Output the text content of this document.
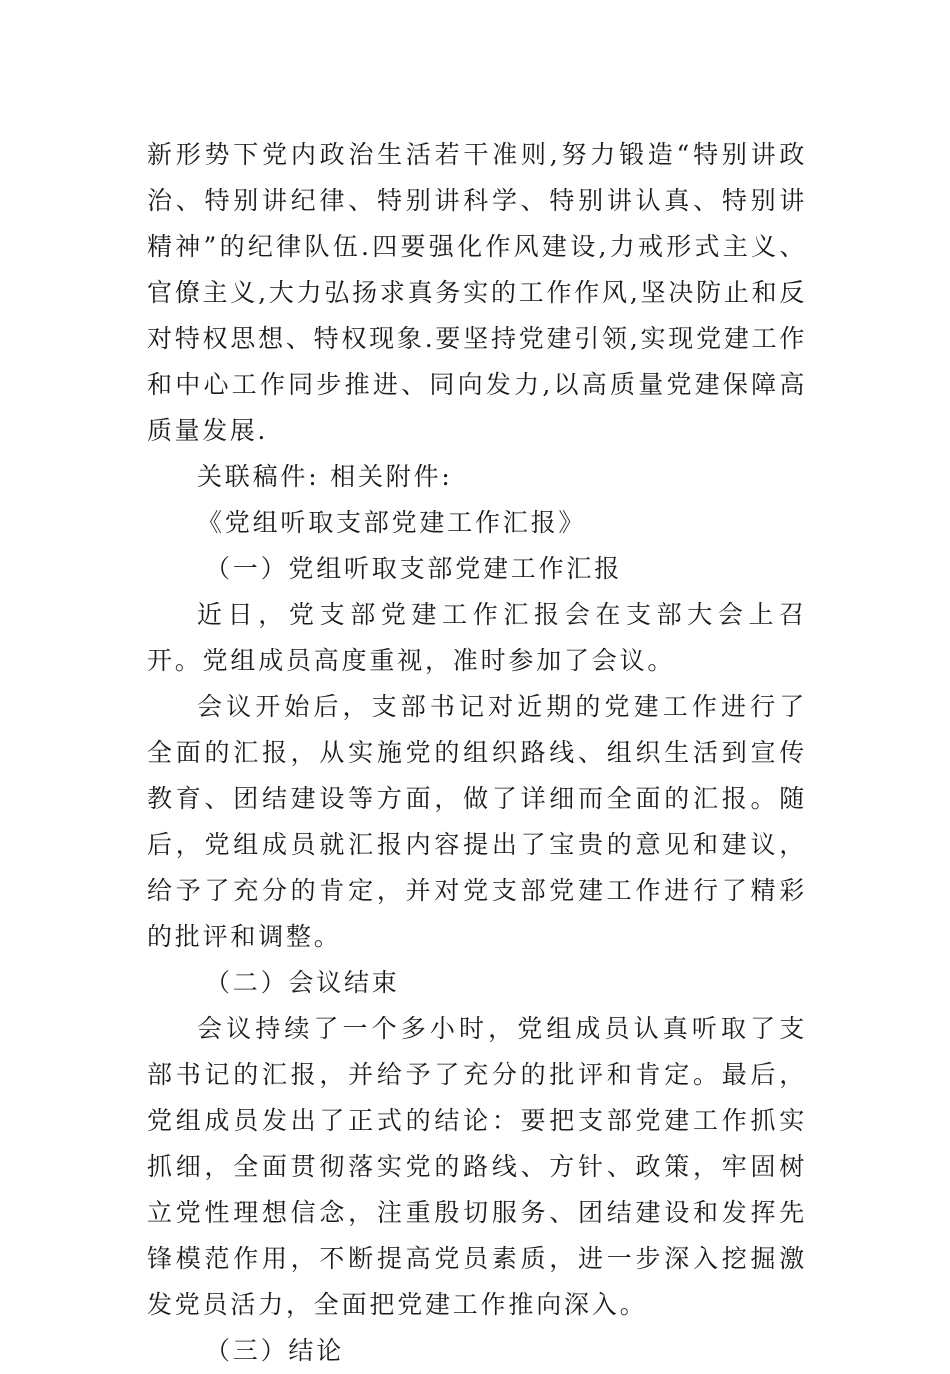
新形势下党内政治生活若干准则,努力锻造“特别讲政治、特别讲纪律、特别讲科学、特别讲认真、特别讲精神”的纪律队伍.四要强化作风建设,力戒形式主义、官僚主义,大力弘扬求真务实的工作作风,坚决防止和反对特权思想、特权现象.要坚持党建引领,实现党建工作和中心工作同步推进、同向发力,以高质量党建保障高质量发展.

关联稿件: 相关附件:

《党组听取支部党建工作汇报》

（一）党组听取支部党建工作汇报

近日，党支部党建工作汇报会在支部大会上召开。党组成员高度重视，准时参加了会议。

会议开始后，支部书记对近期的党建工作进行了全面的汇报，从实施党的组织路线、组织生活到宣传教育、团结建设等方面，做了详细而全面的汇报。随后，党组成员就汇报内容提出了宝贵的意见和建议，给予了充分的肯定，并对党支部党建工作进行了精彩的批评和调整。

（二）会议结束

会议持续了一个多小时，党组成员认真听取了支部书记的汇报，并给予了充分的批评和肯定。最后，党组成员发出了正式的结论：要把支部党建工作抓实抓细，全面贯彻落实党的路线、方针、政策，牢固树立党性理想信念，注重殷切服务、团结建设和发挥先锋模范作用，不断提高党员素质，进一步深入挖掘激发党员活力，全面把党建工作推向深入。

（三）结论
